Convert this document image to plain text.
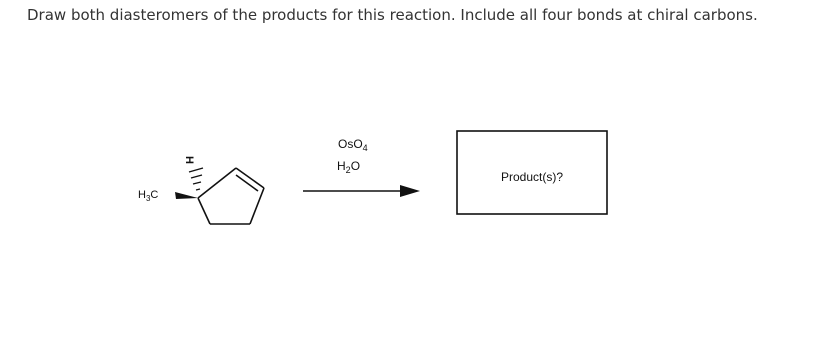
Draw both diasteromers of the products for this reaction. Include all four bonds at chiral carbons.
H
$H_3C$
OsO$_4$
$H_2O$
Product(s)?
